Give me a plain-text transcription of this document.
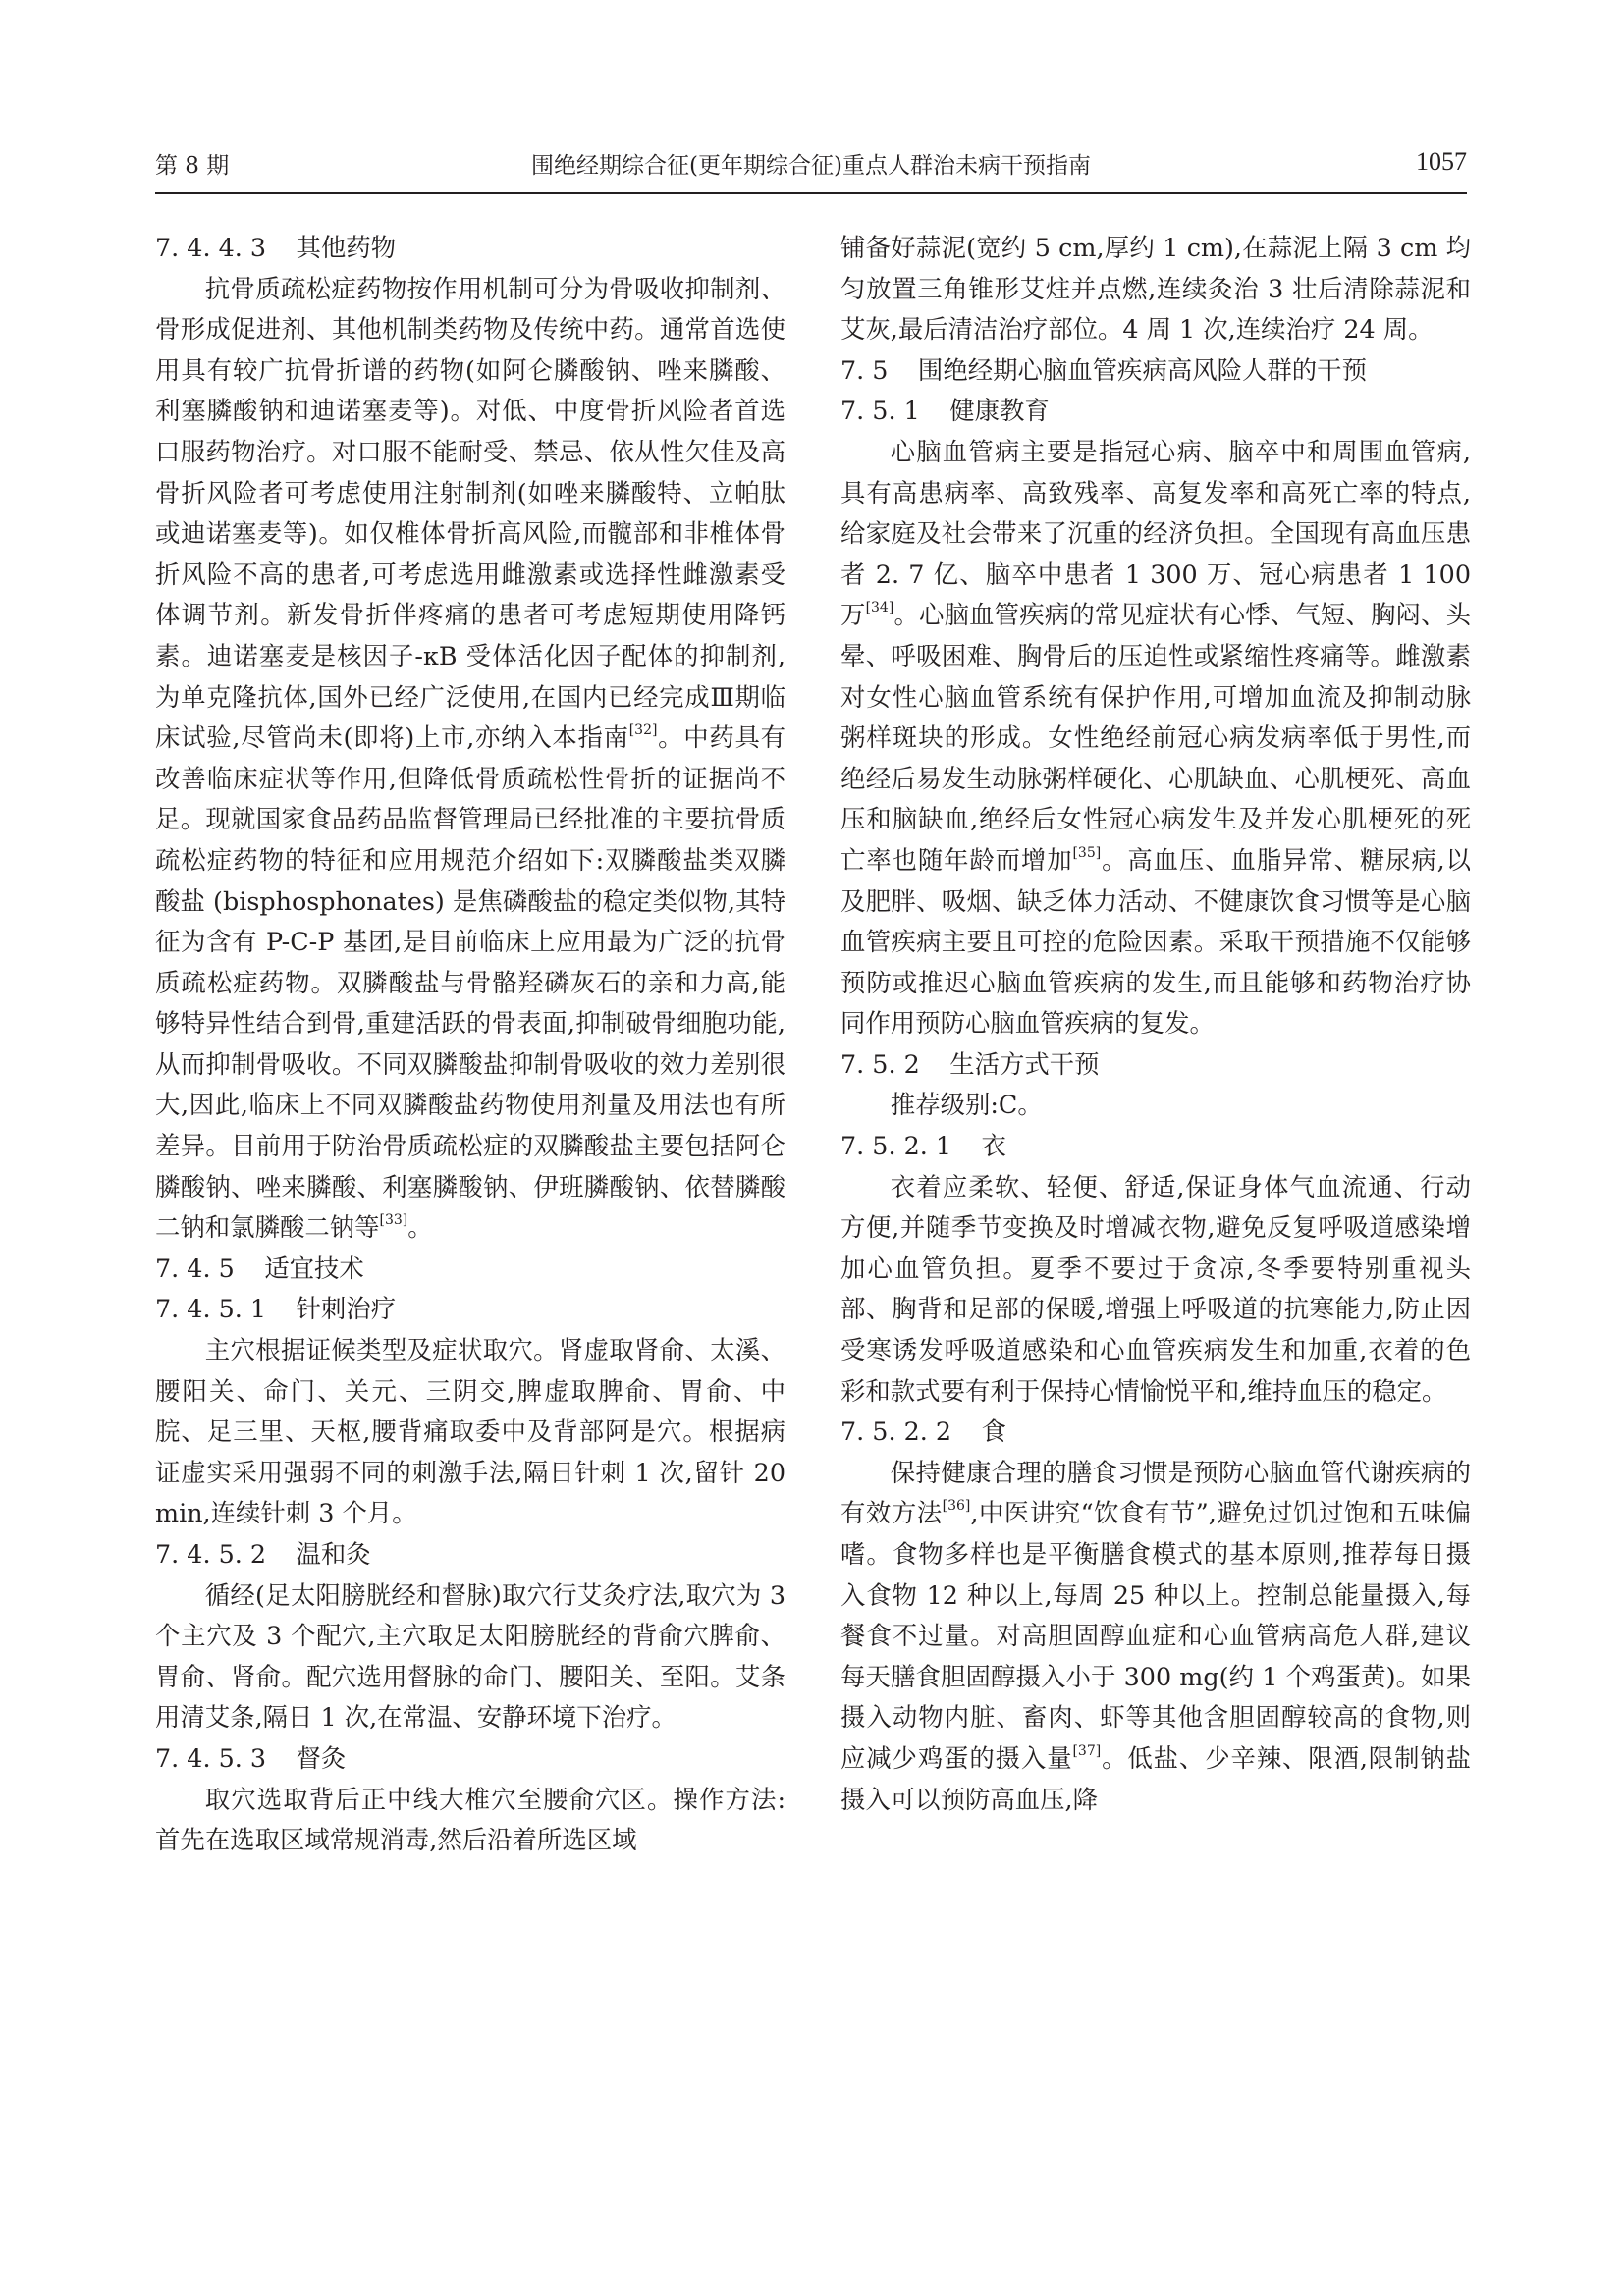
第 8 期	围绝经期综合征(更年期综合征)重点人群治未病干预指南	1057
7. 4. 4. 3 其他药物

抗骨质疏松症药物按作用机制可分为骨吸收抑制剂、骨形成促进剂、其他机制类药物及传统中药。通常首选使用具有较广抗骨折谱的药物(如阿仑膦酸钠、唑来膦酸、利塞膦酸钠和迪诺塞麦等)。对低、中度骨折风险者首选口服药物治疗。对口服不能耐受、禁忌、依从性欠佳及高骨折风险者可考虑使用注射制剂(如唑来膦酸特、立帕肽或迪诺塞麦等)。如仅椎体骨折高风险,而髋部和非椎体骨折风险不高的患者,可考虑选用雌激素或选择性雌激素受体调节剂。新发骨折伴疼痛的患者可考虑短期使用降钙素。迪诺塞麦是核因子-κB 受体活化因子配体的抑制剂,为单克隆抗体,国外已经广泛使用,在国内已经完成Ⅲ期临床试验,尽管尚未(即将)上市,亦纳入本指南[32]。中药具有改善临床症状等作用,但降低骨质疏松性骨折的证据尚不足。现就国家食品药品监督管理局已经批准的主要抗骨质疏松症药物的特征和应用规范介绍如下:双膦酸盐类双膦酸盐 (bisphosphonates) 是焦磷酸盐的稳定类似物,其特征为含有 P-C-P 基团,是目前临床上应用最为广泛的抗骨质疏松症药物。双膦酸盐与骨骼羟磷灰石的亲和力高,能够特异性结合到骨,重建活跃的骨表面,抑制破骨细胞功能,从而抑制骨吸收。不同双膦酸盐抑制骨吸收的效力差别很大,因此,临床上不同双膦酸盐药物使用剂量及用法也有所差异。目前用于防治骨质疏松症的双膦酸盐主要包括阿仑膦酸钠、唑来膦酸、利塞膦酸钠、伊班膦酸钠、依替膦酸二钠和氯膦酸二钠等[33]。

7. 4. 5 适宜技术
7. 4. 5. 1 针刺治疗

主穴根据证候类型及症状取穴。肾虚取肾俞、太溪、腰阳关、命门、关元、三阴交,脾虚取脾俞、胃俞、中脘、足三里、天枢,腰背痛取委中及背部阿是穴。根据病证虚实采用强弱不同的刺激手法,隔日针刺 1 次,留针 20 min,连续针刺 3 个月。

7. 4. 5. 2 温和灸

循经(足太阳膀胱经和督脉)取穴行艾灸疗法,取穴为 3 个主穴及 3 个配穴,主穴取足太阳膀胱经的背俞穴脾俞、胃俞、肾俞。配穴选用督脉的命门、腰阳关、至阳。艾条用清艾条,隔日 1 次,在常温、安静环境下治疗。

7. 4. 5. 3 督灸

取穴选取背后正中线大椎穴至腰俞穴区。操作方法:首先在选取区域常规消毒,然后沿着所选区域

铺备好蒜泥(宽约 5 cm,厚约 1 cm),在蒜泥上隔 3 cm 均匀放置三角锥形艾炷并点燃,连续灸治 3 壮后清除蒜泥和艾灰,最后清洁治疗部位。4 周 1 次,连续治疗 24 周。

7. 5 围绝经期心脑血管疾病高风险人群的干预
7. 5. 1 健康教育

心脑血管病主要是指冠心病、脑卒中和周围血管病,具有高患病率、高致残率、高复发率和高死亡率的特点,给家庭及社会带来了沉重的经济负担。全国现有高血压患者 2. 7 亿、脑卒中患者 1 300 万、冠心病患者 1 100 万[34]。心脑血管疾病的常见症状有心悸、气短、胸闷、头晕、呼吸困难、胸骨后的压迫性或紧缩性疼痛等。雌激素对女性心脑血管系统有保护作用,可增加血流及抑制动脉粥样斑块的形成。女性绝经前冠心病发病率低于男性,而绝经后易发生动脉粥样硬化、心肌缺血、心肌梗死、高血压和脑缺血,绝经后女性冠心病发生及并发心肌梗死的死亡率也随年龄而增加[35]。高血压、血脂异常、糖尿病,以及肥胖、吸烟、缺乏体力活动、不健康饮食习惯等是心脑血管疾病主要且可控的危险因素。采取干预措施不仅能够预防或推迟心脑血管疾病的发生,而且能够和药物治疗协同作用预防心脑血管疾病的复发。

7. 5. 2 生活方式干预

推荐级别:C。

7. 5. 2. 1 衣

衣着应柔软、轻便、舒适,保证身体气血流通、行动方便,并随季节变换及时增减衣物,避免反复呼吸道感染增加心血管负担。夏季不要过于贪凉,冬季要特别重视头部、胸背和足部的保暖,增强上呼吸道的抗寒能力,防止因受寒诱发呼吸道感染和心血管疾病发生和加重,衣着的色彩和款式要有利于保持心情愉悦平和,维持血压的稳定。

7. 5. 2. 2 食

保持健康合理的膳食习惯是预防心脑血管代谢疾病的有效方法[36],中医讲究“饮食有节”,避免过饥过饱和五味偏嗜。食物多样也是平衡膳食模式的基本原则,推荐每日摄入食物 12 种以上,每周 25 种以上。控制总能量摄入,每餐食不过量。对高胆固醇血症和心血管病高危人群,建议每天膳食胆固醇摄入小于 300 mg(约 1 个鸡蛋黄)。如果摄入动物内脏、畜肉、虾等其他含胆固醇较高的食物,则应减少鸡蛋的摄入量[37]。低盐、少辛辣、限酒,限制钠盐摄入可以预防高血压,降
